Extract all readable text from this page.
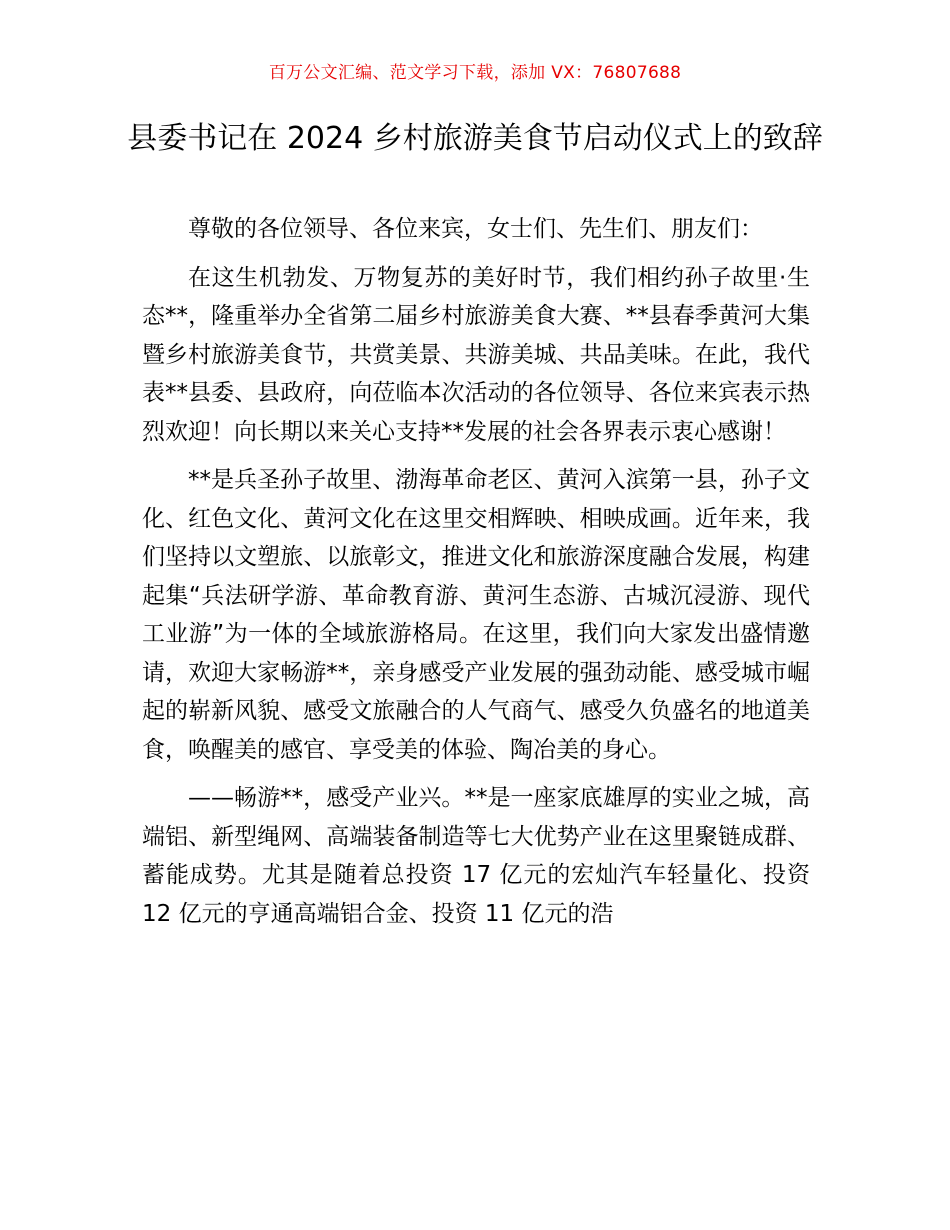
百万公文汇编、范文学习下载，添加 VX：76807688
县委书记在 2024 乡村旅游美食节启动仪式上的致辞

尊敬的各位领导、各位来宾，女士们、先生们、朋友们：

在这生机勃发、万物复苏的美好时节，我们相约孙子故里·生态**，隆重举办全省第二届乡村旅游美食大赛、**县春季黄河大集暨乡村旅游美食节，共赏美景、共游美城、共品美味。在此，我代表**县委、县政府，向莅临本次活动的各位领导、各位来宾表示热烈欢迎！向长期以来关心支持**发展的社会各界表示衷心感谢！

**是兵圣孙子故里、渤海革命老区、黄河入滨第一县，孙子文化、红色文化、黄河文化在这里交相辉映、相映成画。近年来，我们坚持以文塑旅、以旅彰文，推进文化和旅游深度融合发展，构建起集“兵法研学游、革命教育游、黄河生态游、古城沉浸游、现代工业游”为一体的全域旅游格局。在这里，我们向大家发出盛情邀请，欢迎大家畅游**，亲身感受产业发展的强劲动能、感受城市崛起的崭新风貌、感受文旅融合的人气商气、感受久负盛名的地道美食，唤醒美的感官、享受美的体验、陶冶美的身心。

——畅游**，感受产业兴。**是一座家底雄厚的实业之城，高端铝、新型绳网、高端装备制造等七大优势产业在这里聚链成群、蓄能成势。尤其是随着总投资 17 亿元的宏灿汽车轻量化、投资 12 亿元的亨通高端铝合金、投资 11 亿元的浩
